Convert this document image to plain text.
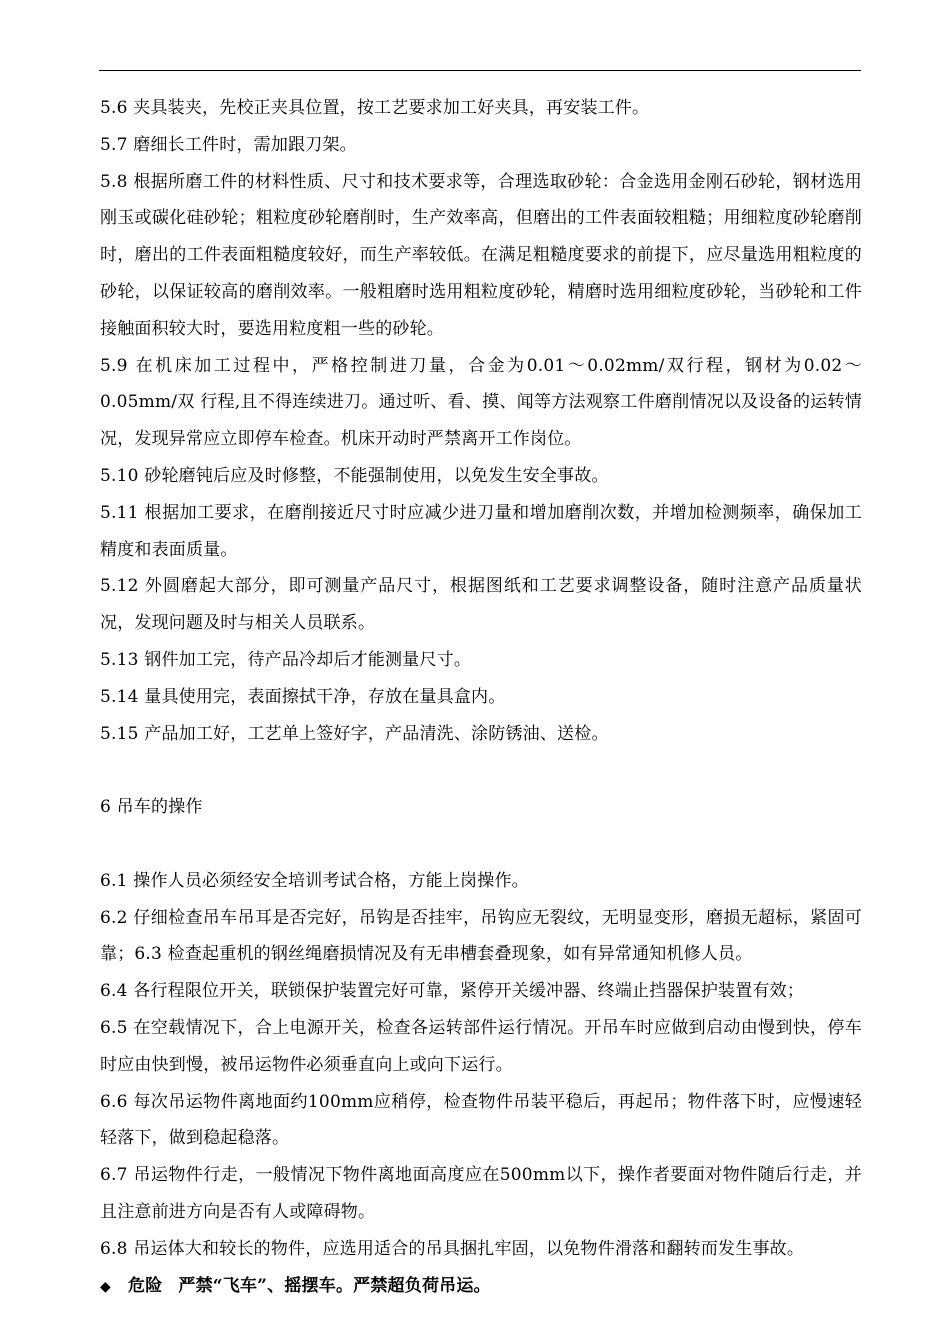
5.6 夹具装夹，先校正夹具位置，按工艺要求加工好夹具，再安装工件。

5.7 磨细长工件时，需加跟刀架。

5.8 根据所磨工件的材料性质、尺寸和技术要求等，合理选取砂轮：合金选用金刚石砂轮，钢材选用刚玉或碳化硅砂轮；粗粒度砂轮磨削时，生产效率高，但磨出的工件表面较粗糙；用细粒度砂轮磨削时，磨出的工件表面粗糙度较好，而生产率较低。在满足粗糙度要求的前提下，应尽量选用粗粒度的砂轮，以保证较高的磨削效率。一般粗磨时选用粗粒度砂轮，精磨时选用细粒度砂轮，当砂轮和工件接触面积较大时，要选用粒度粗一些的砂轮。

5.9 在机床加工过程中，严格控制进刀量，合金为0.01～0.02mm/双行程，钢材为0.02～0.05mm/双 行程,且不得连续进刀。通过听、看、摸、闻等方法观察工件磨削情况以及设备的运转情况，发现异常应立即停车检查。机床开动时严禁离开工作岗位。

5.10 砂轮磨钝后应及时修整，不能强制使用，以免发生安全事故。

5.11 根据加工要求，在磨削接近尺寸时应减少进刀量和增加磨削次数，并增加检测频率，确保加工精度和表面质量。

5.12 外圆磨起大部分，即可测量产品尺寸，根据图纸和工艺要求调整设备，随时注意产品质量状况，发现问题及时与相关人员联系。

5.13 钢件加工完，待产品冷却后才能测量尺寸。

5.14 量具使用完，表面擦拭干净，存放在量具盒内。

5.15 产品加工好，工艺单上签好字，产品清洗、涂防锈油、送检。

6 吊车的操作

6.1 操作人员必须经安全培训考试合格，方能上岗操作。

6.2 仔细检查吊车吊耳是否完好，吊钩是否挂牢，吊钩应无裂纹，无明显变形，磨损无超标，紧固可靠；6.3 检查起重机的钢丝绳磨损情况及有无串槽套叠现象，如有异常通知机修人员。

6.4 各行程限位开关，联锁保护装置完好可靠，紧停开关缓冲器、终端止挡器保护装置有效；

6.5 在空载情况下，合上电源开关，检查各运转部件运行情况。开吊车时应做到启动由慢到快，停车时应由快到慢，被吊运物件必须垂直向上或向下运行。

6.6 每次吊运物件离地面约100mm应稍停，检查物件吊装平稳后，再起吊；物件落下时，应慢速轻轻落下，做到稳起稳落。

6.7 吊运物件行走，一般情况下物件离地面高度应在500mm以下，操作者要面对物件随后行走，并且注意前进方向是否有人或障碍物。

6.8 吊运体大和较长的物件，应选用适合的吊具捆扎牢固，以免物件滑落和翻转而发生事故。

◆	危险 严禁“飞车”、摇摆车。严禁超负荷吊运。
